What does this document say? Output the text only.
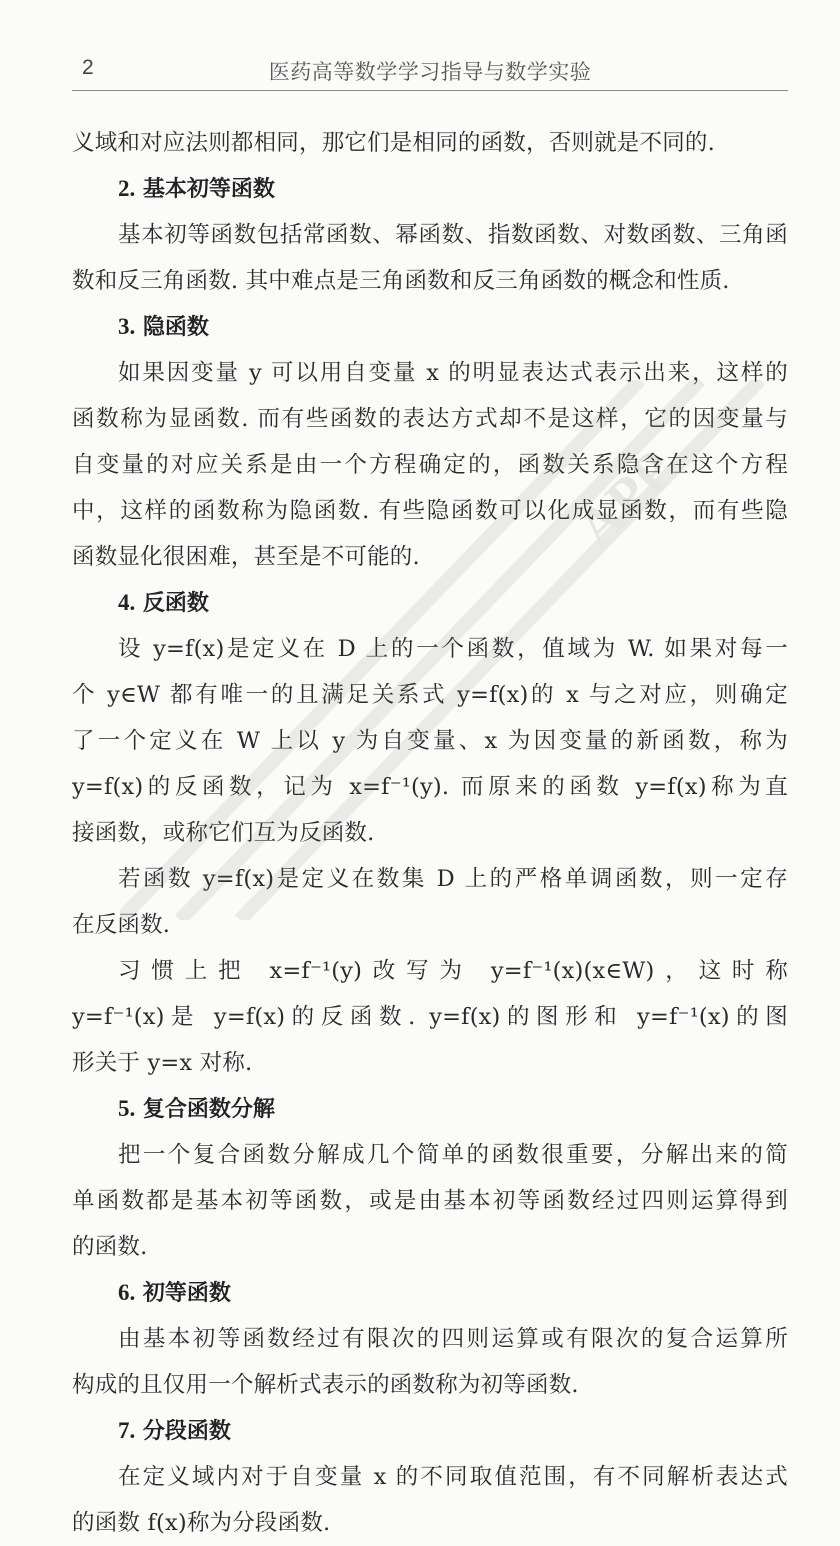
2	医药高等数学学习指导与数学实验
义域和对应法则都相同，那它们是相同的函数，否则就是不同的.
2. 基本初等函数
基本初等函数包括常函数、幂函数、指数函数、对数函数、三角函
数和反三角函数. 其中难点是三角函数和反三角函数的概念和性质.
3. 隐函数
如果因变量 y 可以用自变量 x 的明显表达式表示出来，这样的
函数称为显函数. 而有些函数的表达方式却不是这样，它的因变量与
自变量的对应关系是由一个方程确定的，函数关系隐含在这个方程
中，这样的函数称为隐函数. 有些隐函数可以化成显函数，而有些隐
函数显化很困难，甚至是不可能的.
4. 反函数
设 y=f(x)是定义在 D 上的一个函数，值域为 W. 如果对每一
个 y∈W 都有唯一的且满足关系式 y=f(x)的 x 与之对应，则确定
了一个定义在 W 上以 y 为自变量、x 为因变量的新函数，称为
y=f(x)的反函数，记为 x=f⁻¹(y). 而原来的函数 y=f(x)称为直
接函数，或称它们互为反函数.
若函数 y=f(x)是定义在数集 D 上的严格单调函数，则一定存
在反函数.
习惯上把 x=f⁻¹(y)改写为 y=f⁻¹(x)(x∈W)，这时称
y=f⁻¹(x)是 y=f(x)的反函数. y=f(x)的图形和 y=f⁻¹(x)的图
形关于 y=x 对称.
5. 复合函数分解
把一个复合函数分解成几个简单的函数很重要，分解出来的简
单函数都是基本初等函数，或是由基本初等函数经过四则运算得到
的函数.
6. 初等函数
由基本初等函数经过有限次的四则运算或有限次的复合运算所
构成的且仅用一个解析式表示的函数称为初等函数.
7. 分段函数
在定义域内对于自变量 x 的不同取值范围，有不同解析表达式
的函数 f(x)称为分段函数.
APP
